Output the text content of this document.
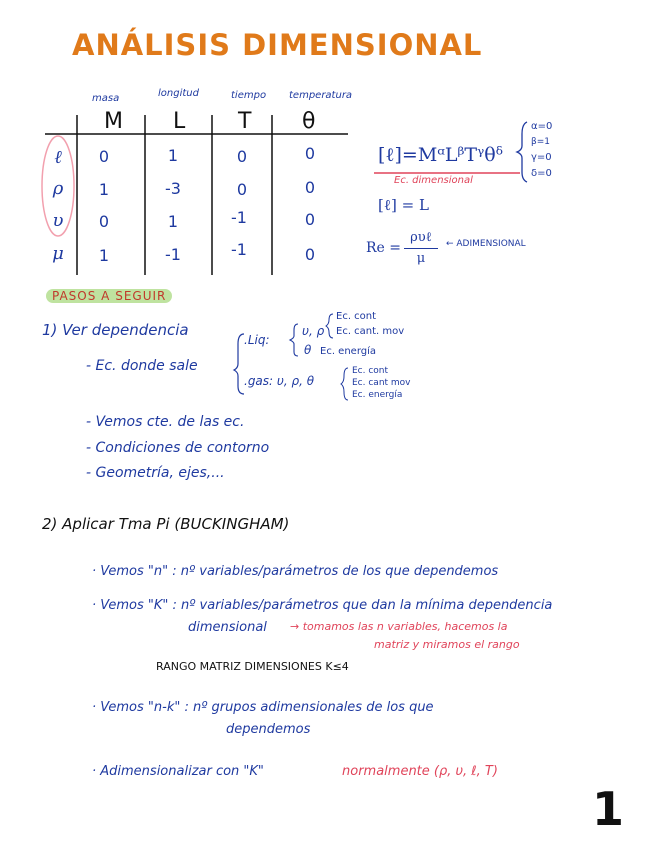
ANÁLISIS DIMENSIONAL
masa	longitud	tiempo temperatura
M L T θ
ℓ	0	1	0	0
ρ	1	-3	0	0
υ	0	1	-1	0
μ	1	-1	-1	0
[ℓ]=MᵅLᵝTᵞθᵟ
Ec. dimensional
α=0
β=1
γ=0
δ=0
[ℓ] = L
Re =
ρυℓ
μ
← ADIMENSIONAL
PASOS A SEGUIR
1) Ver dependencia
- Ec. donde sale
.Liq:
υ, ρ
Ec. cont
Ec. cant. mov
θ Ec. energía
.gas: υ, ρ, θ
Ec. cont
Ec. cant mov
Ec. energía
- Vemos cte. de las ec.
- Condiciones de contorno
- Geometría, ejes,...
2) Aplicar Tma Pi (BUCKINGHAM)
· Vemos "n" : nº variables/parámetros de los que dependemos
· Vemos "K" : nº variables/parámetros que dan la mínima dependencia
dimensional → tomamos las n variables, hacemos la
matriz y miramos el rango
RANGO MATRIZ DIMENSIONES K≤4
· Vemos "n-k" : nº grupos adimensionales de los que
dependemos
· Adimensionalizar con "K"	normalmente (ρ, υ, ℓ, T)
1
